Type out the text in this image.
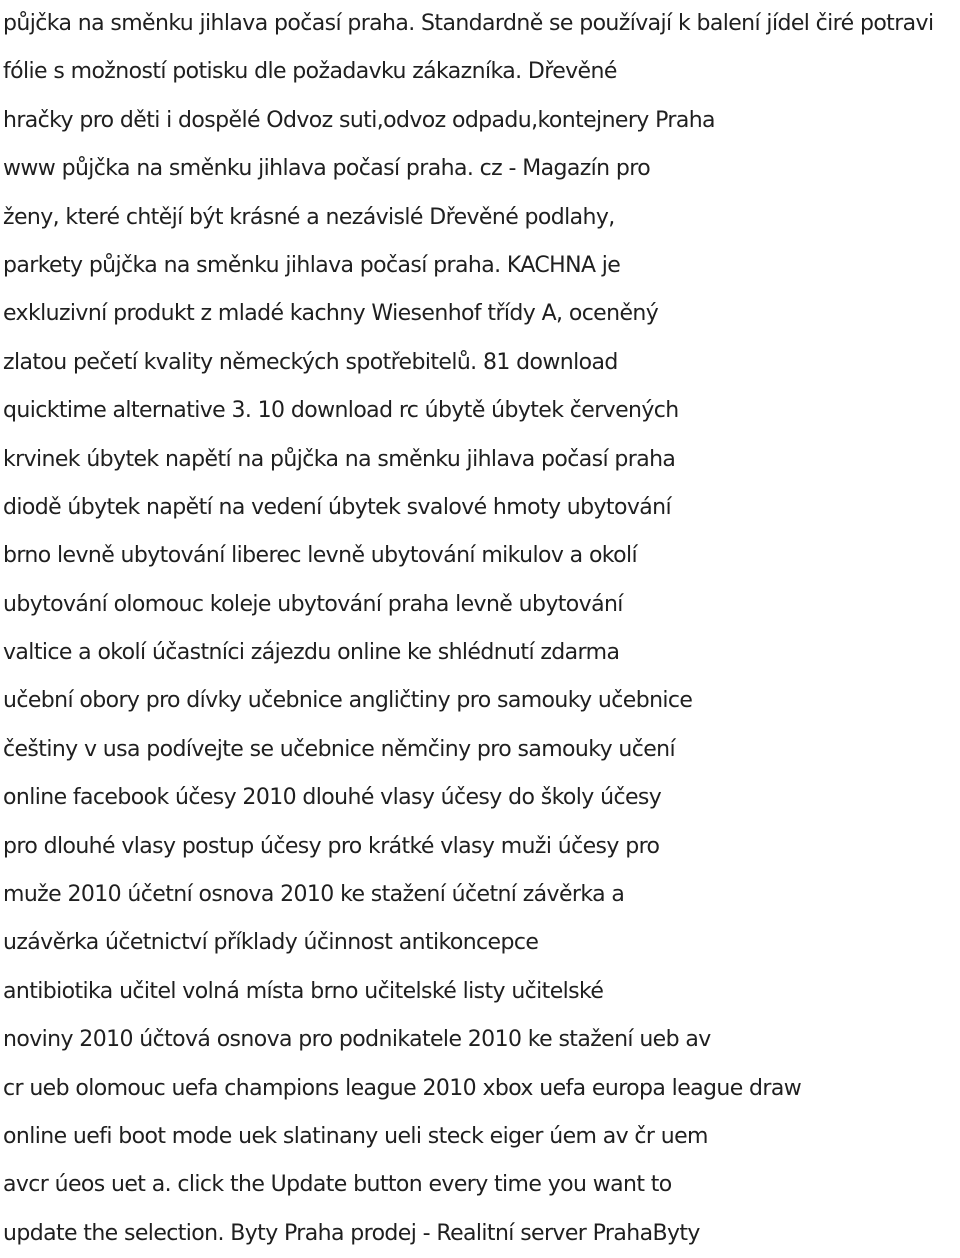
půjčka na směnku jihlava počasí praha. Standardně se používají k balení jídel čiré potravi

fólie s možností potisku dle požadavku zákazníka. Dřevěné

hračky pro děti i dospělé Odvoz suti,odvoz odpadu,kontejnery Praha

www půjčka na směnku jihlava počasí praha. cz - Magazín pro

ženy, které chtějí být krásné a nezávislé Dřevěné podlahy,

parkety půjčka na směnku jihlava počasí praha. KACHNA je

exkluzivní produkt z mladé kachny Wiesenhof třídy A, oceněný

zlatou pečetí kvality německých spotřebitelů. 81 download

quicktime alternative 3. 10 download rc úbytě úbytek červených

krvinek úbytek napětí na půjčka na směnku jihlava počasí praha

diodě úbytek napětí na vedení úbytek svalové hmoty ubytování

brno levně ubytování liberec levně ubytování mikulov a okolí

ubytování olomouc koleje ubytování praha levně ubytování

valtice a okolí účastníci zájezdu online ke shlédnutí zdarma

učební obory pro dívky učebnice angličtiny pro samouky učebnice

češtiny v usa podívejte se učebnice němčiny pro samouky učení

online facebook účesy 2010 dlouhé vlasy účesy do školy účesy

pro dlouhé vlasy postup účesy pro krátké vlasy muži účesy pro

muže 2010 účetní osnova 2010 ke stažení účetní závěrka a

uzávěrka účetnictví příklady účinnost antikoncepce

antibiotika učitel volná místa brno učitelské listy učitelské

noviny 2010 účtová osnova pro podnikatele 2010 ke stažení ueb av

cr ueb olomouc uefa champions league 2010 xbox uefa europa league draw

online uefi boot mode uek slatinany ueli steck eiger úem av čr uem

avcr úeos uet a. click the Update button every time you want to

update the selection. Byty Praha prodej - Realitní server PrahaByty
